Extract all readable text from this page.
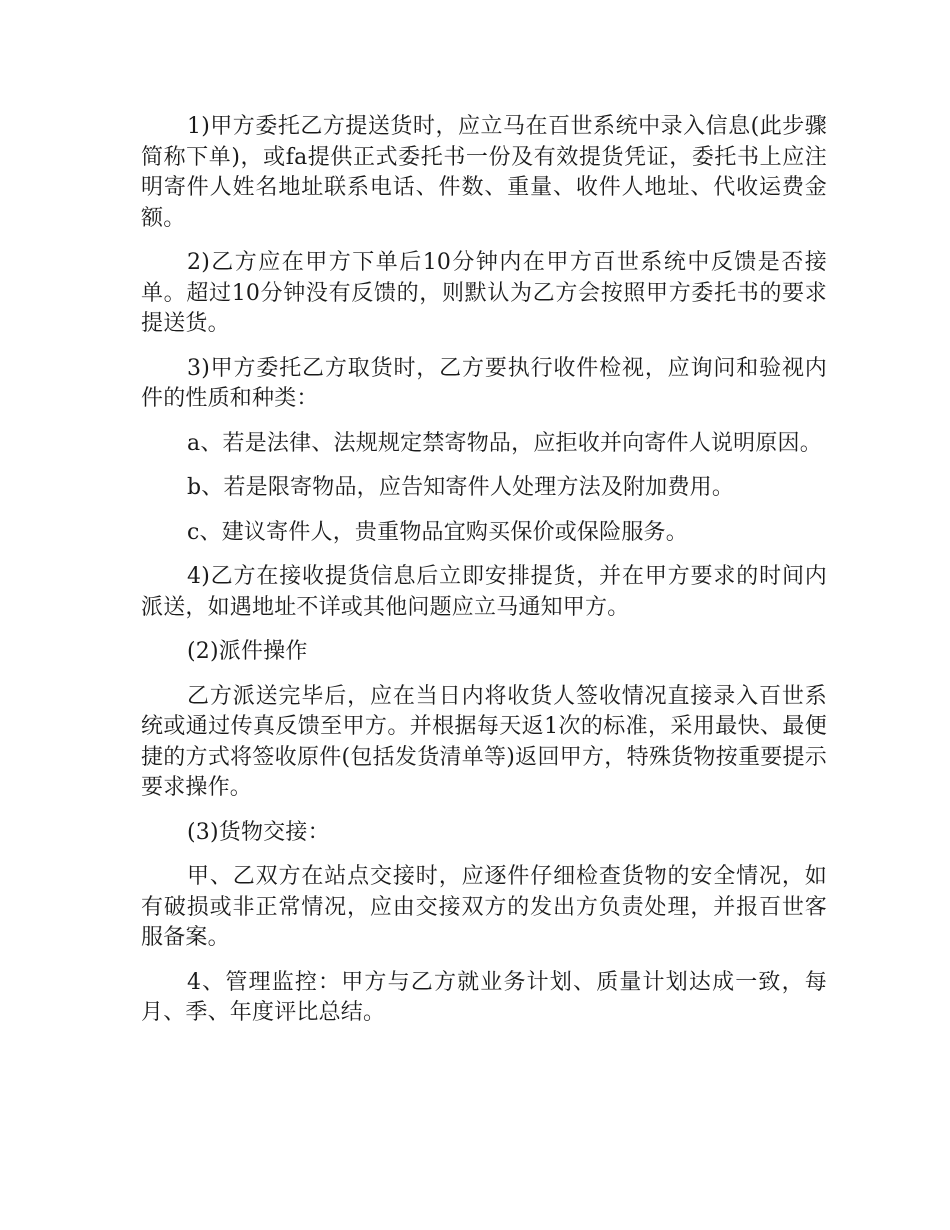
1)甲方委托乙方提送货时，应立马在百世系统中录入信息(此步骤简称下单)，或fa提供正式委托书一份及有效提货凭证，委托书上应注明寄件人姓名地址联系电话、件数、重量、收件人地址、代收运费金额。

2)乙方应在甲方下单后10分钟内在甲方百世系统中反馈是否接单。超过10分钟没有反馈的，则默认为乙方会按照甲方委托书的要求提送货。

3)甲方委托乙方取货时，乙方要执行收件检视，应询问和验视内件的性质和种类：

a、若是法律、法规规定禁寄物品，应拒收并向寄件人说明原因。

b、若是限寄物品，应告知寄件人处理方法及附加费用。

c、建议寄件人，贵重物品宜购买保价或保险服务。

4)乙方在接收提货信息后立即安排提货，并在甲方要求的时间内派送，如遇地址不详或其他问题应立马通知甲方。

(2)派件操作

乙方派送完毕后，应在当日内将收货人签收情况直接录入百世系统或通过传真反馈至甲方。并根据每天返1次的标准，采用最快、最便捷的方式将签收原件(包括发货清单等)返回甲方，特殊货物按重要提示要求操作。

(3)货物交接：

甲、乙双方在站点交接时，应逐件仔细检查货物的安全情况，如有破损或非正常情况，应由交接双方的发出方负责处理，并报百世客服备案。

4、管理监控：甲方与乙方就业务计划、质量计划达成一致，每月、季、年度评比总结。
